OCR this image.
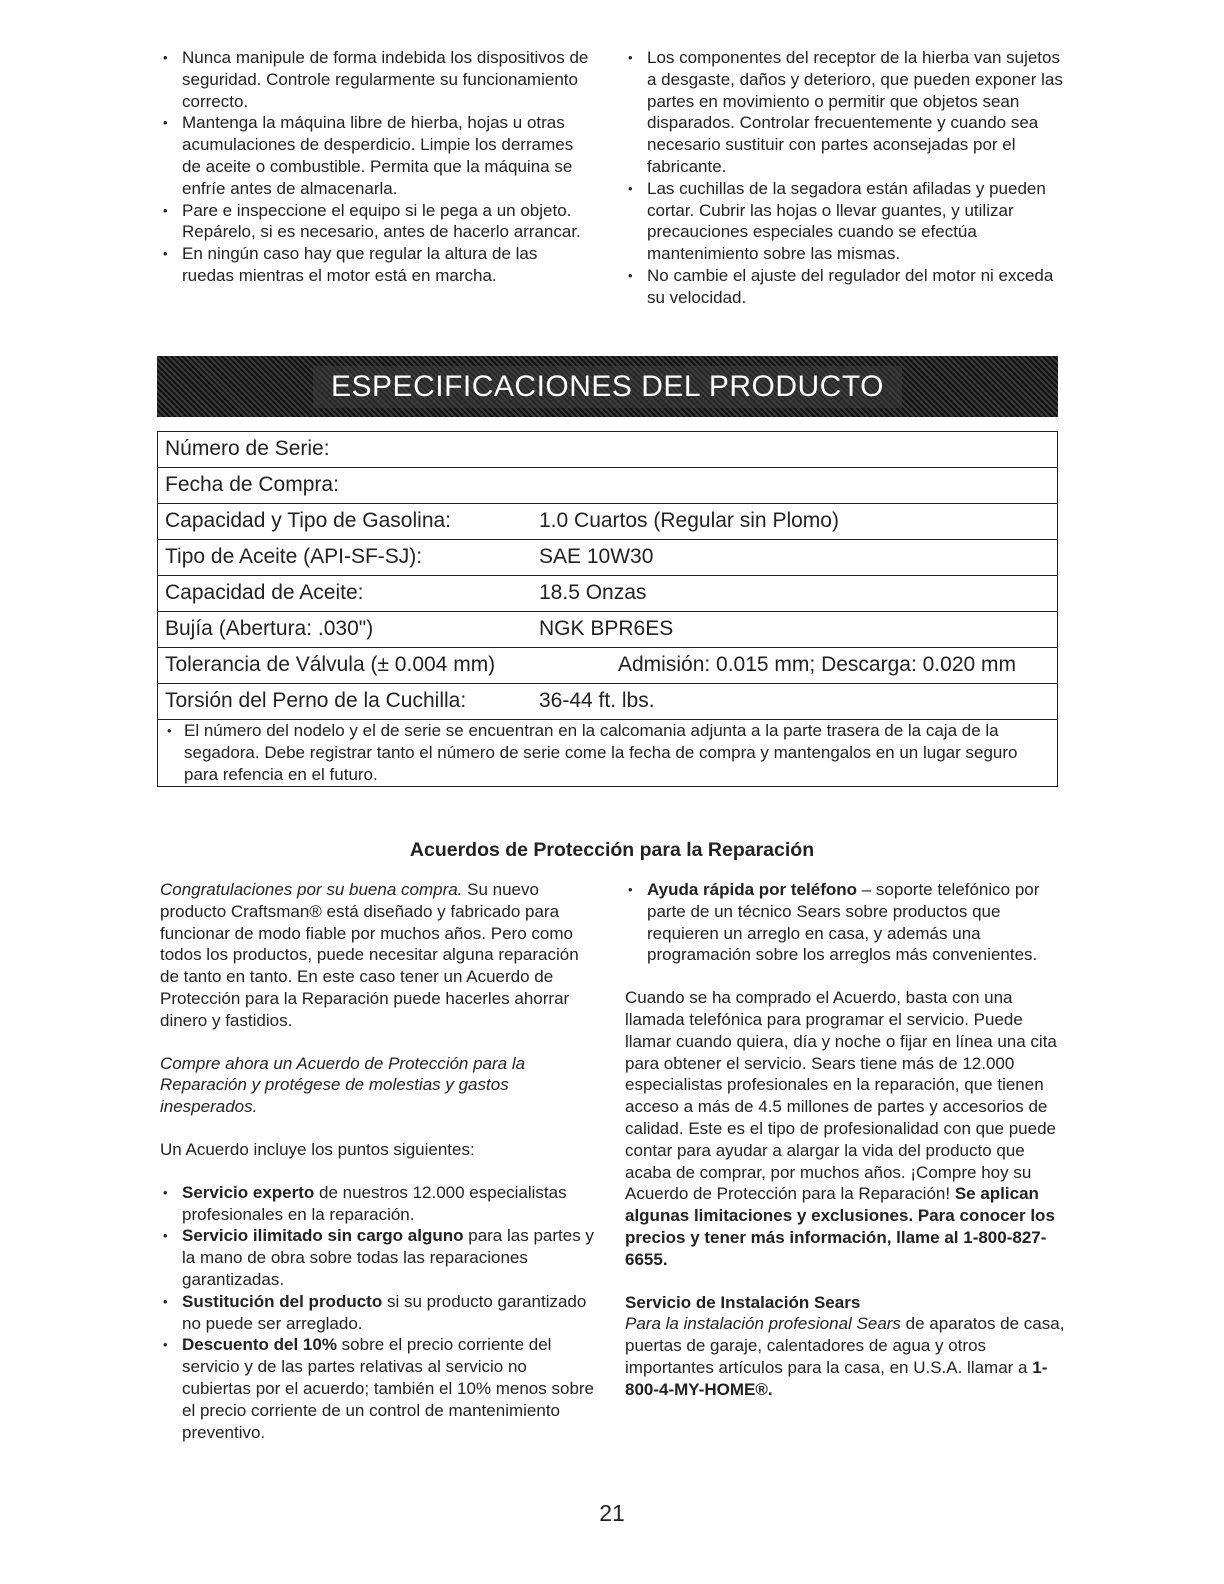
• Nunca manipule de forma indebida los dispositivos de seguridad. Controle regularmente su funcionamiento correcto.
• Mantenga la máquina libre de hierba, hojas u otras acumulaciones de desperdicio. Limpie los derrames de aceite o combustible. Permita que la máquina se enfríe antes de almacenarla.
• Pare e inspeccione el equipo si le pega a un objeto. Repárelo, si es necesario, antes de hacerlo arrancar.
• En ningún caso hay que regular la altura de las ruedas mientras el motor está en marcha.
• Los componentes del receptor de la hierba van sujetos a desgaste, daños y deterioro, que pueden exponer las partes en movimiento o permitir que objetos sean disparados. Controlar frecuentemente y cuando sea necesario sustituir con partes aconsejadas por el fabricante.
• Las cuchillas de la segadora están afiladas y pueden cortar. Cubrir las hojas o llevar guantes, y utilizar precauciones especiales cuando se efectúa mantenimiento sobre las mismas.
• No cambie el ajuste del regulador del motor ni exceda su velocidad.
ESPECIFICACIONES DEL PRODUCTO
Número de Serie:
Fecha de Compra:
Capacidad y Tipo de Gasolina:	1.0 Cuartos (Regular sin Plomo)
Tipo de Aceite (API-SF-SJ):	SAE 10W30
Capacidad de Aceite:	18.5 Onzas
Bujía (Abertura: .030")	NGK BPR6ES
Tolerancia de Válvula (± 0.004 mm)	Admisión: 0.015 mm; Descarga: 0.020 mm
Torsión del Perno de la Cuchilla:	36-44 ft. lbs.
• El número del nodelo y el de serie se encuentran en la calcomania adjunta a la parte trasera de la caja de la segadora. Debe registrar tanto el número de serie come la fecha de compra y mantengalos en un lugar seguro para refencia en el futuro.
Acuerdos de Protección para la Reparación

Congratulaciones por su buena compra. Su nuevo producto Craftsman® está diseñado y fabricado para funcionar de modo fiable por muchos años. Pero como todos los productos, puede necesitar alguna reparación de tanto en tanto. En este caso tener un Acuerdo de Protección para la Reparación puede hacerles ahorrar dinero y fastidios.

Compre ahora un Acuerdo de Protección para la Reparación y protégese de molestias y gastos inesperados.

Un Acuerdo incluye los puntos siguientes:

• Servicio experto de nuestros 12.000 especialistas profesionales en la reparación.
• Servicio ilimitado sin cargo alguno para las partes y la mano de obra sobre todas las reparaciones garantizadas.
• Sustitución del producto si su producto garantizado no puede ser arreglado.
• Descuento del 10% sobre el precio corriente del servicio y de las partes relativas al servicio no cubiertas por el acuerdo; también el 10% menos sobre el precio corriente de un control de mantenimiento preventivo.
• Ayuda rápida por teléfono – soporte telefónico por parte de un técnico Sears sobre productos que requieren un arreglo en casa, y además una programación sobre los arreglos más convenientes.

Cuando se ha comprado el Acuerdo, basta con una llamada telefónica para programar el servicio. Puede llamar cuando quiera, día y noche o fijar en línea una cita para obtener el servicio. Sears tiene más de 12.000 especialistas profesionales en la reparación, que tienen acceso a más de 4.5 millones de partes y accesorios de calidad. Este es el tipo de profesionalidad con que puede contar para ayudar a alargar la vida del producto que acaba de comprar, por muchos años. ¡Compre hoy su Acuerdo de Protección para la Reparación! Se aplican algunas limitaciones y exclusiones. Para conocer los precios y tener más información, llame al 1-800-827-6655.

Servicio de Instalación Sears

Para la instalación profesional Sears de aparatos de casa, puertas de garaje, calentadores de agua y otros importantes artículos para la casa, en U.S.A. llamar a 1-800-4-MY-HOME®.

21
